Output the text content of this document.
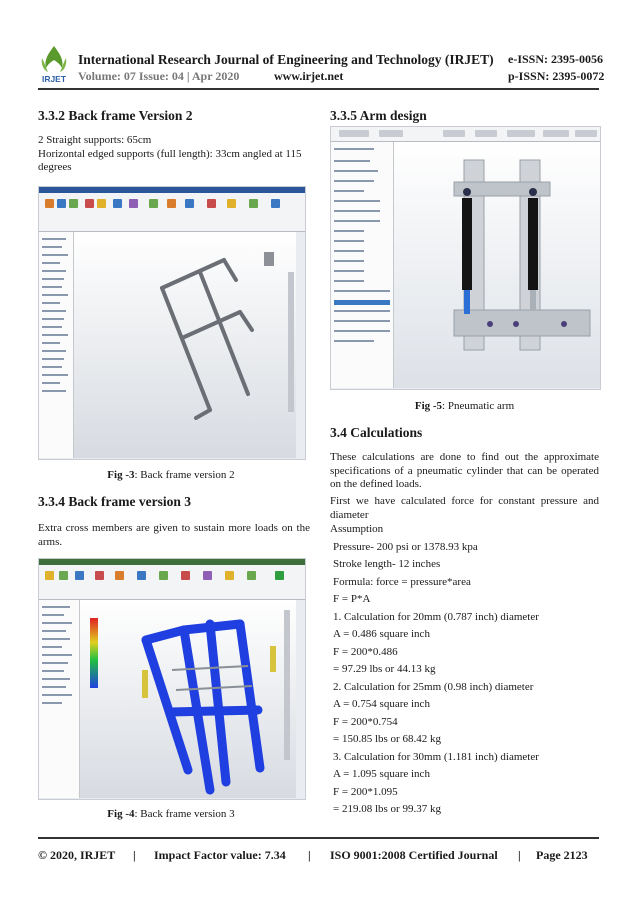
IRJET
International Research Journal of Engineering and Technology (IRJET) e-ISSN: 2395-0056
Volume: 07 Issue: 04 | Apr 2020	www.irjet.net	p-ISSN: 2395-0072
3.3.2 Back frame Version 2
2 Straight supports: 65cm
Horizontal edged supports (full length): 33cm angled at 115 degrees
Fig -3: Back frame version 2
3.3.4 Back frame version 3
Extra cross members are given to sustain more loads on the arms.
Fig -4: Back frame version 3
3.3.5 Arm design
Fig -5: Pneumatic arm
3.4 Calculations
These calculations are done to find out the approximate specifications of a pneumatic cylinder that can be operated on the defined loads.
First we have calculated force for constant pressure and diameter
Assumption
Pressure- 200 psi or 1378.93 kpa
Stroke length- 12 inches
Formula: force = pressure*area
F = P*A
1. Calculation for 20mm (0.787 inch) diameter
A = 0.486 square inch
F = 200*0.486
= 97.29 lbs or 44.13 kg
2. Calculation for 25mm (0.98 inch) diameter
A = 0.754 square inch
F = 200*0.754
= 150.85 lbs or 68.42 kg
3. Calculation for 30mm (1.181 inch) diameter
A = 1.095 square inch
F = 200*1.095
= 219.08 lbs or 99.37 kg
© 2020, IRJET | Impact Factor value: 7.34 | ISO 9001:2008 Certified Journal | Page 2123
